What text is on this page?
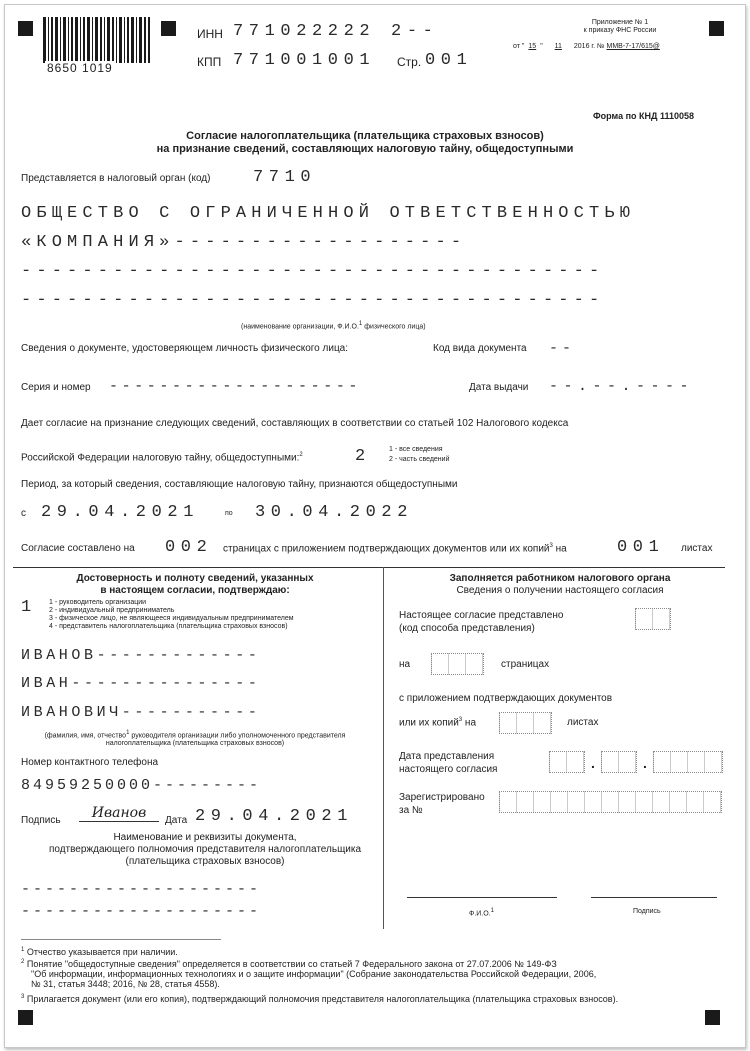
8650 1019
ИНН 771022222 2--
КПП 771001001 Стр. 001
Приложение № 1
к приказу ФНС России
от " 15 " 11 2016 г. № ММВ-7-17/615@
Форма по КНД 1110058
Согласие налогоплательщика (плательщика страховых взносов)
на признание сведений, составляющих налоговую тайну, общедоступными
Представляется в налоговый орган (код)	7710
ОБЩЕСТВО С ОГРАНИЧЕННОЙ ОТВЕТСТВЕННОСТЬЮ
«КОМПАНИЯ»-------------------
--------------------------------------
--------------------------------------
(наименование организации, Ф.И.О.$^1$ физического лица)
Сведения о документе, удостоверяющем личность физического лица:	Код вида документа --
Серия и номер --------------------	Дата выдачи --.--.----
Дает согласие на признание следующих сведений, составляющих в соответствии со статьей 102 Налогового кодекса
Российской Федерации налоговую тайну, общедоступными:$^2$	2	1 - все сведения
2 - часть сведений
Период, за который сведения, составляющие налоговую тайну, признаются общедоступными
с 29.04.2021	по 30.04.2022
Согласие составлено на 002 страницах с приложением подтверждающих документов или их копий$^3$ на	001 листах
Достоверность и полноту сведений, указанных
в настоящем согласии, подтверждаю:
1 1 - руководитель организации
2 - индивидуальный предприниматель
3 - физическое лицо, не являющееся индивидуальным предпринимателем
4 - представитель налогоплательщика (плательщика страховых взносов)
ИВАНОВ-------------
ИВАН---------------
ИВАНОВИЧ-----------
(фамилия, имя, отчество$^1$ руководителя организации либо уполномоченного представителя
налогоплательщика (плательщика страховых взносов)
Номер контактного телефона
84959250000---------
Подпись	Иванов	Дата 29.04.2021
Наименование и реквизиты документа,
подтверждающего полномочия представителя налогоплательщика
(плательщика страховых взносов)
--------------------
--------------------
Заполняется работником налогового органа
Сведения о получении настоящего согласия
Настоящее согласие представлено
(код способа представления)
на	страницах
с приложением подтверждающих документов
или их копий$^3$ на	листах
Дата представления
настоящего согласия	.	.
Зарегистрировано
за №
Ф.И.О.$^1$	Подпись
$^1$ Отчество указывается при наличии.
$^2$ Понятие "общедоступные сведения" определяется в соответствии со статьей 7 Федерального закона от 27.07.2006 № 149-ФЗ
"Об информации, информационных технологиях и о защите информации" (Собрание законодательства Российской Федерации, 2006,
№ 31, статья 3448; 2016, № 28, статья 4558).
$^3$ Прилагается документ (или его копия), подтверждающий полномочия представителя налогоплательщика (плательщика страховых взносов).
